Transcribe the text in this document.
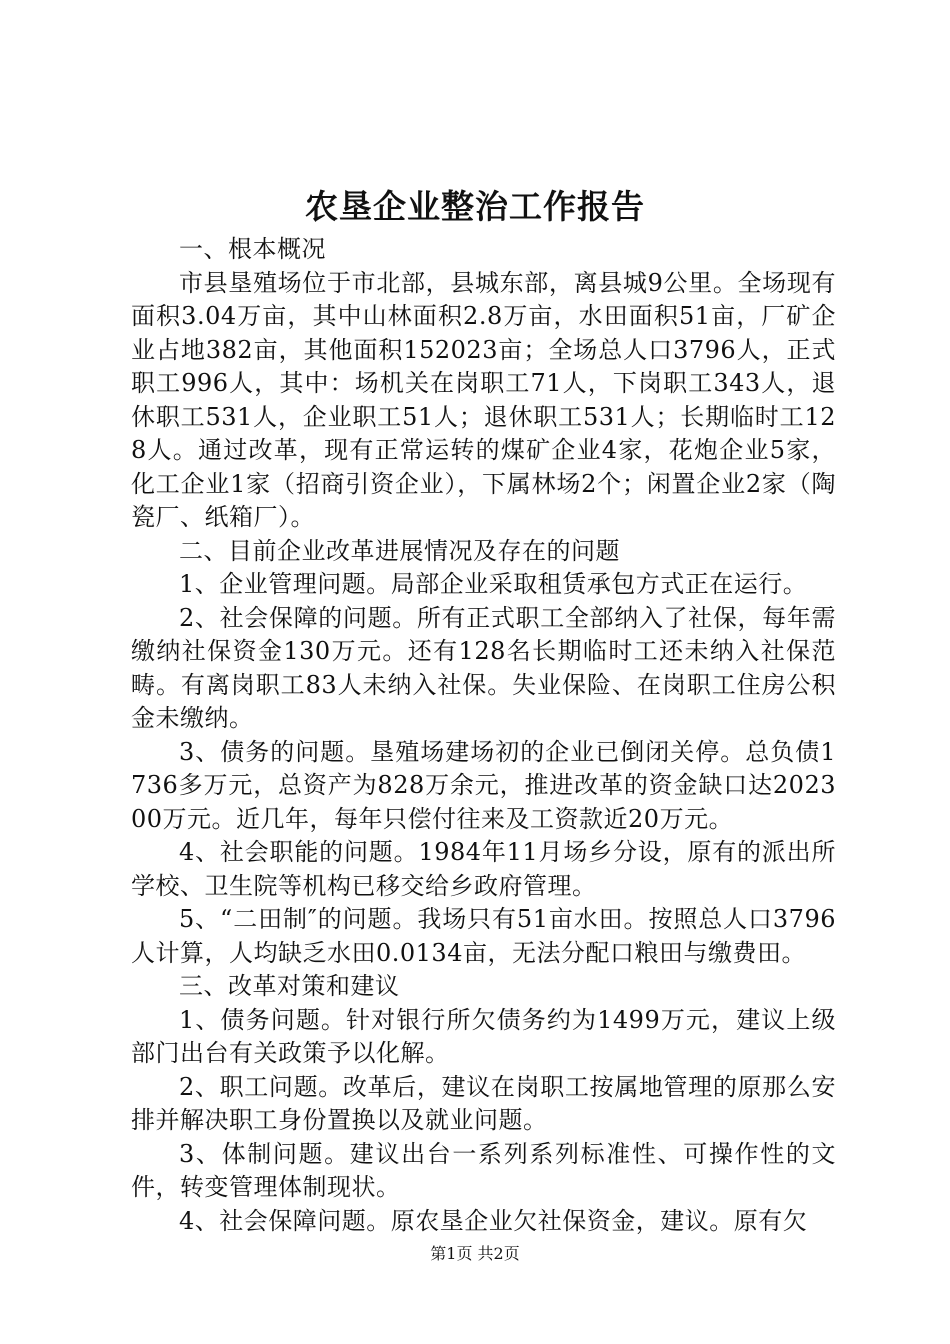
农垦企业整治工作报告

一、根本概况

市县垦殖场位于市北部，县城东部，离县城9公里。全场现有面积3.04万亩，其中山林面积2.8万亩，水田面积51亩，厂矿企业占地382亩，其他面积152023亩；全场总人口3796人，正式职工996人，其中：场机关在岗职工71人，下岗职工343人，退休职工531人，企业职工51人；退休职工531人；长期临时工128人。通过改革，现有正常运转的煤矿企业4家，花炮企业5家，化工企业1家（招商引资企业），下属林场2个；闲置企业2家（陶瓷厂、纸箱厂）。

二、目前企业改革进展情况及存在的问题

1、企业管理问题。局部企业采取租赁承包方式正在运行。

2、社会保障的问题。所有正式职工全部纳入了社保，每年需缴纳社保资金130万元。还有128名长期临时工还未纳入社保范畴。有离岗职工83人未纳入社保。失业保险、在岗职工住房公积金未缴纳。

3、债务的问题。垦殖场建场初的企业已倒闭关停。总负债1736多万元，总资产为828万余元，推进改革的资金缺口达202300万元。近几年，每年只偿付往来及工资款近20万元。

4、社会职能的问题。1984年11月场乡分设，原有的派出所学校、卫生院等机构已移交给乡政府管理。

5、“二田制″的问题。我场只有51亩水田。按照总人口3796人计算，人均缺乏水田0.0134亩，无法分配口粮田与缴费田。

三、改革对策和建议

1、债务问题。针对银行所欠债务约为1499万元，建议上级部门出台有关政策予以化解。

2、职工问题。改革后，建议在岗职工按属地管理的原那么安排并解决职工身份置换以及就业问题。

3、体制问题。建议出台一系列系列标准性、可操作性的文件，转变管理体制现状。

4、社会保障问题。原农垦企业欠社保资金，建议。原有欠

第1页 共2页
